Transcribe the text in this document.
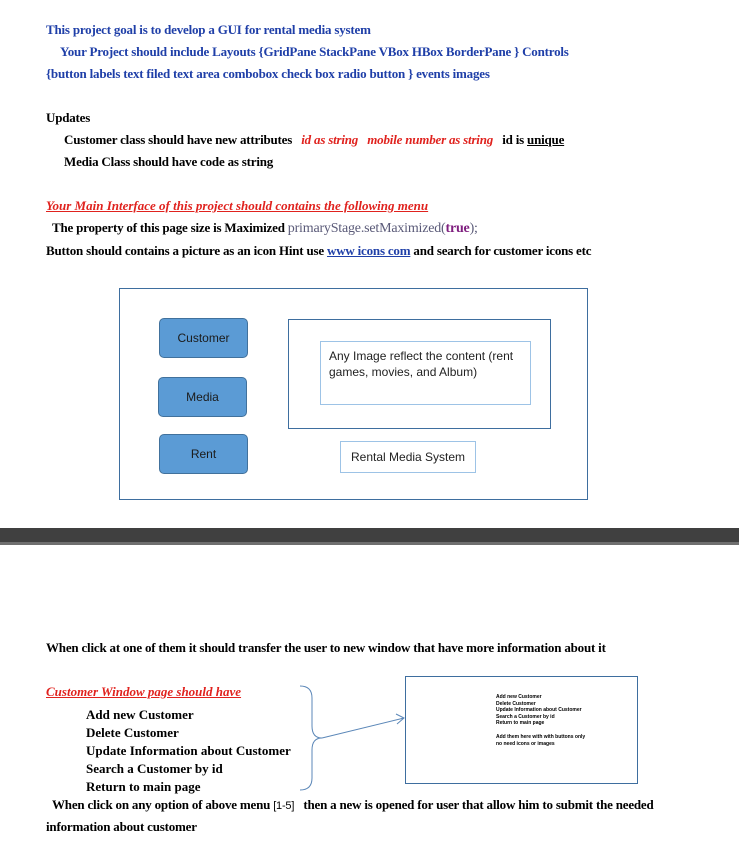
This project goal is to develop a GUI for rental media system
Your Project should include Layouts {GridPane StackPane VBox HBox BorderPane } Controls
{button labels text filed text area combobox check box radio button } events images
Updates
Customer class should have new attributes id as string mobile number as string id is unique
Media Class should have code as string
Your Main Interface of this project should contains the following menu
The property of this page size is Maximized primaryStage.setMaximized(true);
Button should contains a picture as an icon Hint use www icons com and search for customer icons etc
Customer
Media
Rent
Any Image reflect the content (rent games, movies, and Album)
Rental Media System
When click at one of them it should transfer the user to new window that have more information about it
Customer Window page should have
Add new Customer
Delete Customer
Update Information about Customer
Search a Customer by id
Return to main page
Add new Customer
Delete Customer
Update Information about Customer
Search a Customer by id
Return to main page
Add them here with with buttons only
no need icons or images
When click on any option of above menu [1-5] then a new is opened for user that allow him to submit the needed
information about customer
